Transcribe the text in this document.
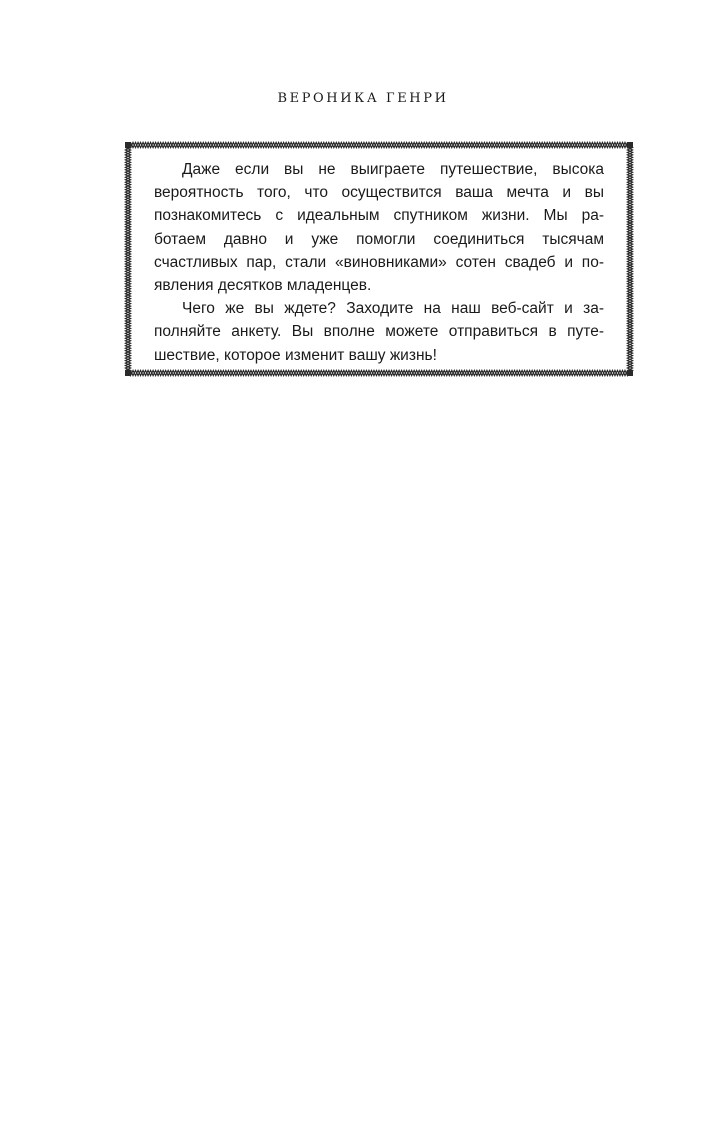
ВЕРОНИКА ГЕНРИ
Даже если вы не выиграете путешествие, высока
вероятность того, что осуществится ваша мечта и вы
познакомитесь с идеальным спутником жизни. Мы ра-
ботаем давно и уже помогли соединиться тысячам
счастливых пар, стали «виновниками» сотен свадеб и по-
явления десятков младенцев.
Чего же вы ждете? Заходите на наш веб-сайт и за-
полняйте анкету. Вы вполне можете отправиться в путе-
шествие, которое изменит вашу жизнь!
